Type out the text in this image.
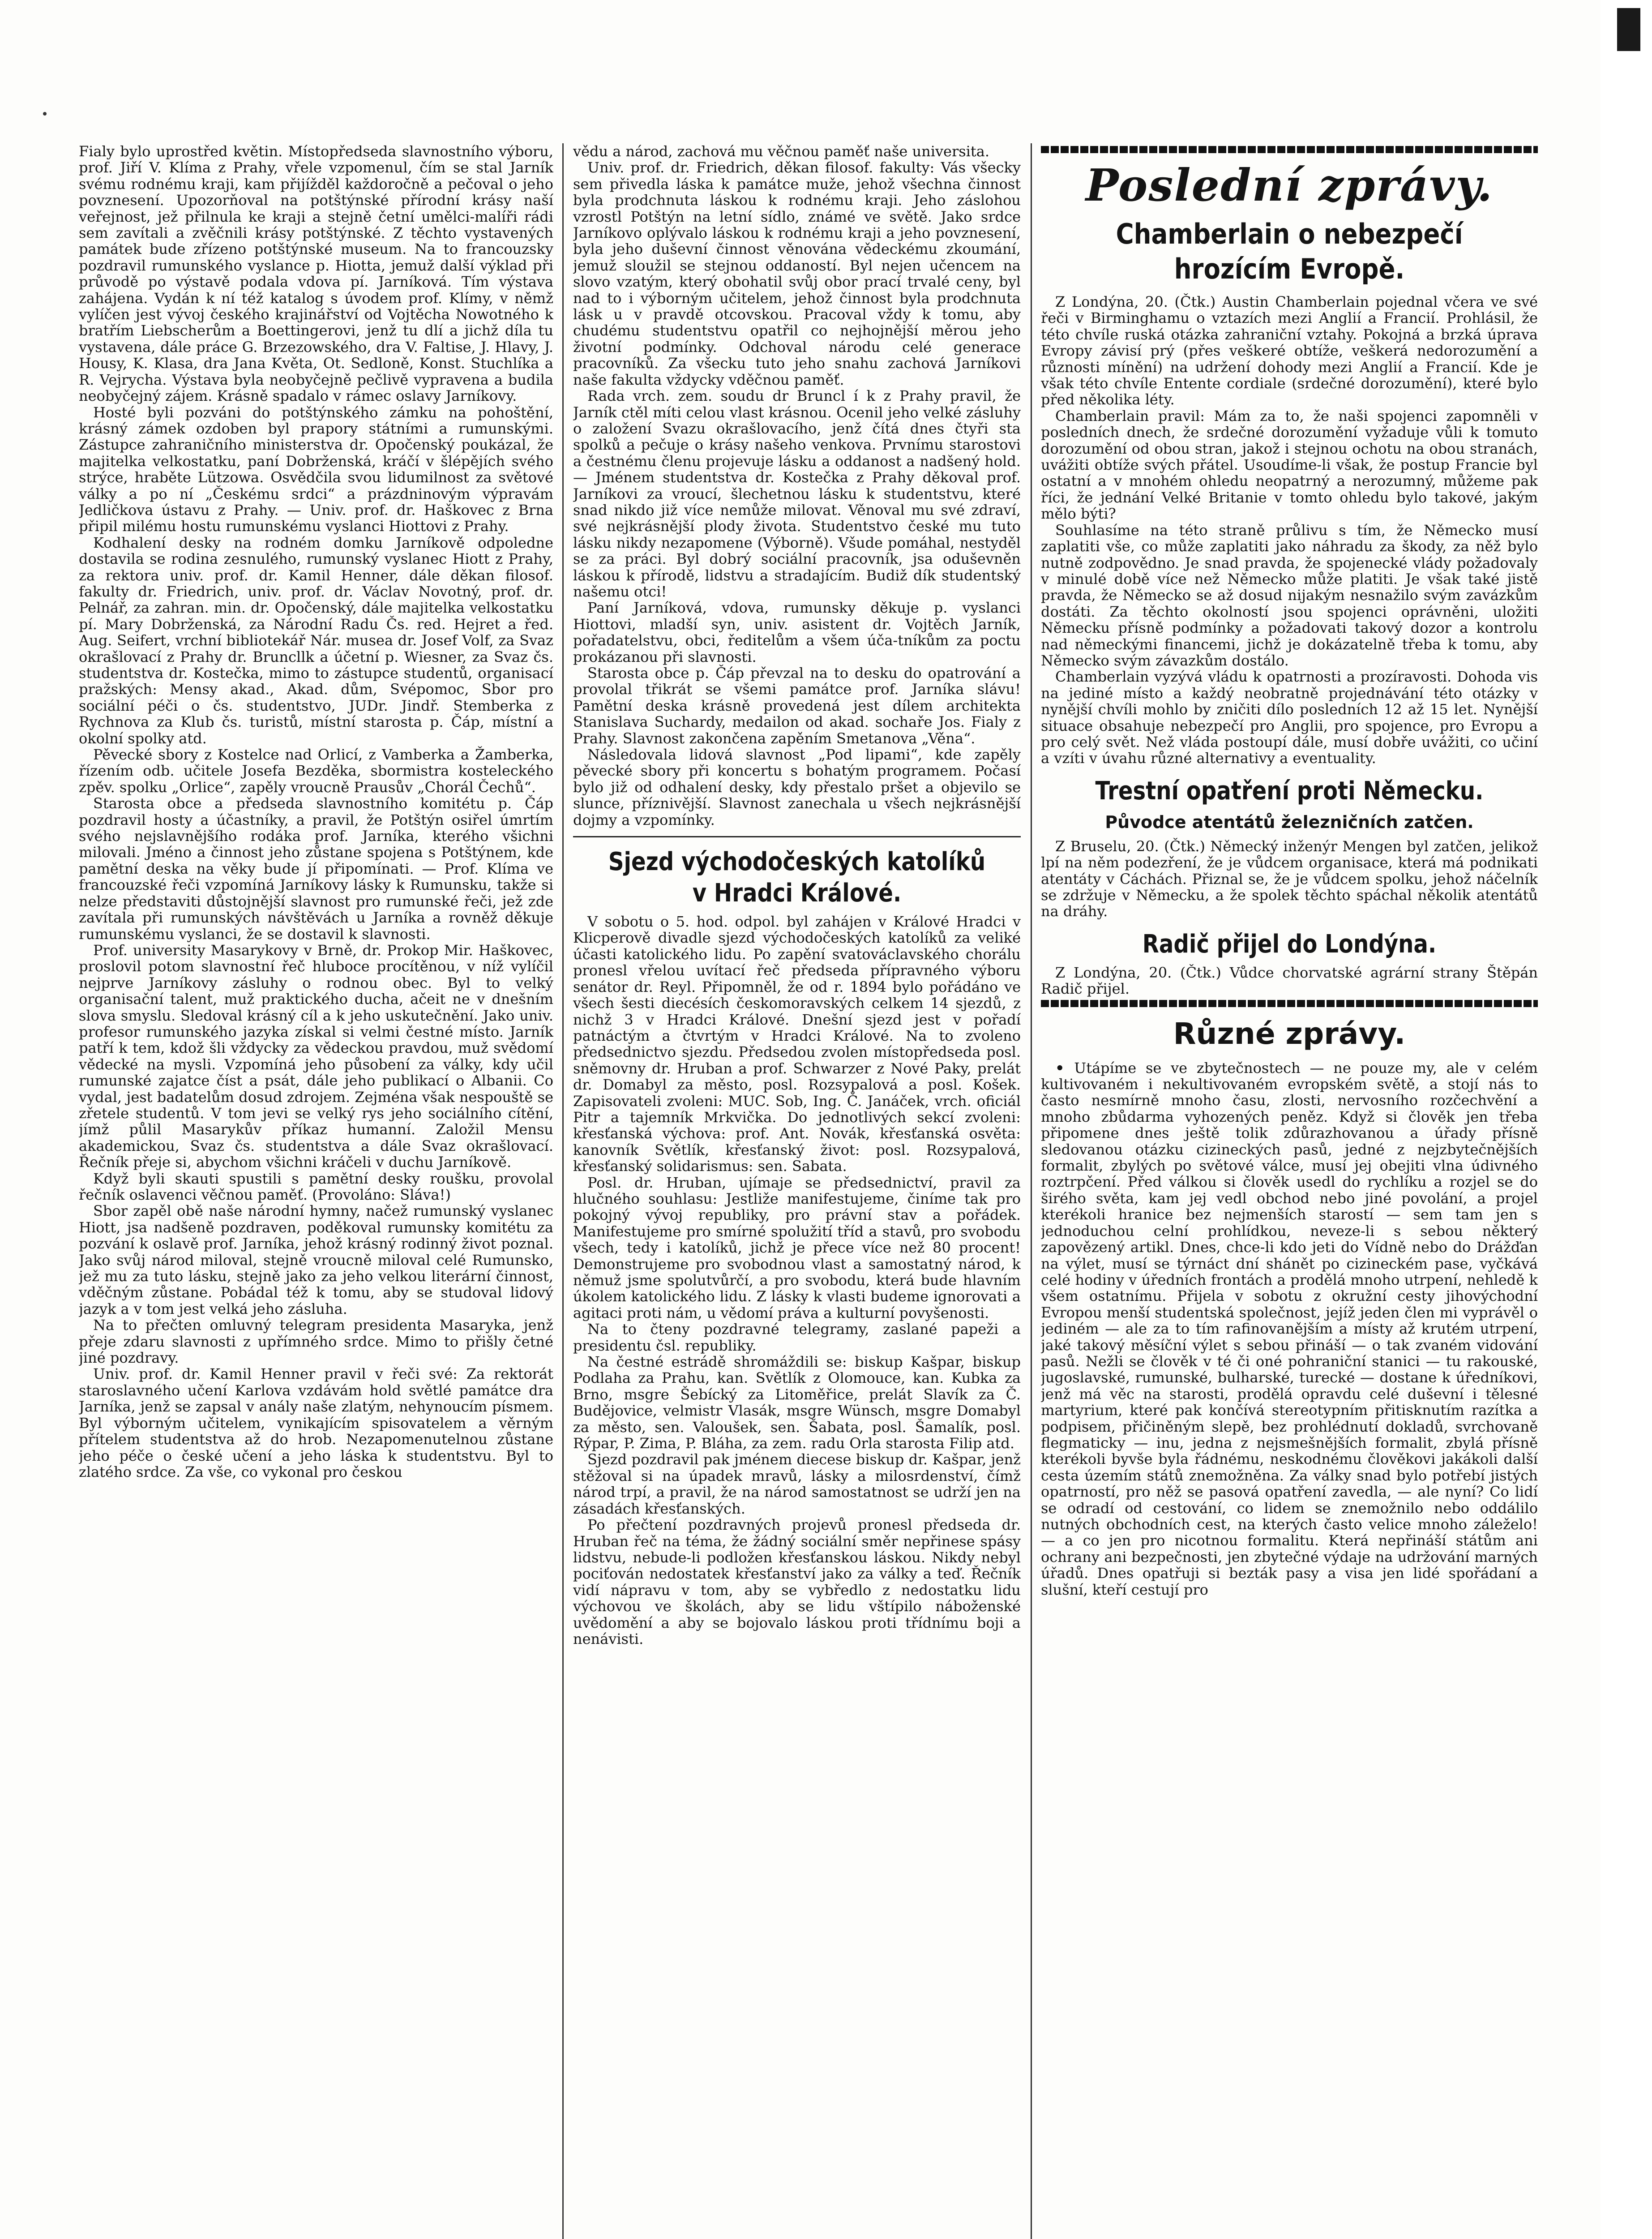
Fialy bylo uprostřed květin. Místopředseda slavnostního výboru, prof. Jiří V. Klíma z Prahy, vřele vzpomenul, čím se stal Jarník svému rodnému kraji, kam přijížděl každoročně a pečoval o jeho povznesení. Upozorňoval na potštýnské přírodní krásy naší veřejnost, jež přilnula ke kraji a stejně četní umělci-malíři rádi sem zavítali a zvěčnili krásy potštýnské. Z těchto vystavených památek bude zřízeno potštýnské museum. Na to francouzsky pozdravil rumunského vyslance p. Hiotta, jemuž další výklad při průvodě po výstavě podala vdova pí. Jarníková. Tím výstava zahájena. Vydán k ní též katalog s úvodem prof. Klímy, v němž vylíčen jest vývoj českého krajinářství od Vojtěcha Nowotného k bratřím Liebscherům a Boettingerovi, jenž tu dlí a jichž díla tu vystavena, dále práce G. Brzezowského, dra V. Faltise, J. Hlavy, J. Housy, K. Klasa, dra Jana Květa, Ot. Sedloně, Konst. Stuchlíka a R. Vejrycha. Výstava byla neobyčejně pečlivě vypravena a budila neobyčejný zájem. Krásně spadalo v rámec oslavy Jarníkovy.

Hosté byli pozváni do potštýnského zámku na pohoštění, krásný zámek ozdoben byl prapory státními a rumunskými. Zástupce zahraničního ministerstva dr. Opočenský poukázal, že majitelka velkostatku, paní Dobrženská, kráčí v šlépějích svého strýce, hraběte Lützowa. Osvědčila svou lidumilnost za světové války a po ní „Českému srdci“ a prázdninovým výpravám Jedličkova ústavu z Prahy. — Univ. prof. dr. Haškovec z Brna připil milému hostu rumunskému vyslanci Hiottovi z Prahy.

Kodhalení desky na rodném domku Jarníkově odpoledne dostavila se rodina zesnulého, rumunský vyslanec Hiott z Prahy, za rektora univ. prof. dr. Kamil Henner, dále děkan filosof. fakulty dr. Friedrich, univ. prof. dr. Václav Novotný, prof. dr. Pelnář, za zahran. min. dr. Opočenský, dále majitelka velkostatku pí. Mary Dobrženská, za Národní Radu Čs. red. Hejret a řed. Aug. Seifert, vrchní bibliotekář Nár. musea dr. Josef Volf, za Svaz okrašlovací z Prahy dr. Bruncllk a účetní p. Wiesner, za Svaz čs. studentstva dr. Kostečka, mimo to zástupce studentů, organisací pražských: Mensy akad., Akad. dům, Svépomoc, Sbor pro sociální péči o čs. studentstvo, JUDr. Jindř. Stemberka z Rychnova za Klub čs. turistů, místní starosta p. Čáp, místní a okolní spolky atd.

Pěvecké sbory z Kostelce nad Orlicí, z Vamberka a Žamberka, řízením odb. učitele Josefa Bezděka, sbormistra kosteleckého zpěv. spolku „Orlice“, zapěly vroucně Prausův „Chorál Čechů“.

Starosta obce a předseda slavnostního komitétu p. Čáp pozdravil hosty a účastníky, a pravil, že Potštýn osiřel úmrtím svého nejslavnějšího rodáka prof. Jarníka, kterého všichni milovali. Jméno a činnost jeho zůstane spojena s Potštýnem, kde pamětní deska na věky bude jí připomínati. — Prof. Klíma ve francouzské řeči vzpomíná Jarníkovy lásky k Rumunsku, takže si nelze představiti důstojnější slavnost pro rumunské řeči, jež zde zavítala při rumunských návštěvách u Jarníka a rovněž děkuje rumunskému vyslanci, že se dostavil k slavnosti.

Prof. university Masarykovy v Brně, dr. Prokop Mir. Haškovec, proslovil potom slavnostní řeč hluboce procítěnou, v níž vylíčil nejprve Jarníkovy zásluhy o rodnou obec. Byl to velký organisační talent, muž praktického ducha, ačeit ne v dnešním slova smyslu. Sledoval krásný cíl a k jeho uskutečnění. Jako univ. profesor rumunského jazyka získal si velmi čestné místo. Jarník patří k tem, kdož šli vždycky za vědeckou pravdou, muž svědomí vědecké na mysli. Vzpomíná jeho působení za války, kdy učil rumunské zajatce číst a psát, dále jeho publikací o Albanii. Co vydal, jest badatelům dosud zdrojem. Zejména však nespouště se zřetele studentů. V tom jevi se velký rys jeho sociálního cítění, jímž půlil Masarykův příkaz humanní. Založil Mensu akademickou, Svaz čs. studentstva a dále Svaz okrašlovací. Řečník přeje si, abychom všichni kráčeli v duchu Jarníkově.

Když byli skauti spustili s pamětní desky roušku, provolal řečník oslavenci věčnou paměť. (Provoláno: Sláva!)

Sbor zapěl obě naše národní hymny, načež rumunský vyslanec Hiott, jsa nadšeně pozdraven, poděkoval rumunsky komitétu za pozvání k oslavě prof. Jarníka, jehož krásný rodinný život poznal. Jako svůj národ miloval, stejně vroucně miloval celé Rumunsko, jež mu za tuto lásku, stejně jako za jeho velkou literární činnost, vděčným zůstane. Pobádal též k tomu, aby se studoval lidový jazyk a v tom jest velká jeho zásluha.

Na to přečten omluvný telegram presidenta Masaryka, jenž přeje zdaru slavnosti z upřímného srdce. Mimo to přišly četné jiné pozdravy.

Univ. prof. dr. Kamil Henner pravil v řeči své: Za rektorát staroslavného učení Karlova vzdávám hold světlé památce dra Jarníka, jenž se zapsal v anály naše zlatým, nehynoucím písmem. Byl výborným učitelem, vynikajícím spisovatelem a věrným přítelem studentstva až do hrob. Nezapomenutelnou zůstane jeho péče o české učení a jeho láska k studentstvu. Byl to zlatého srdce. Za vše, co vykonal pro českou

vědu a národ, zachová mu věčnou paměť naše universita.

Univ. prof. dr. Friedrich, děkan filosof. fakulty: Vás všecky sem přivedla láska k památce muže, jehož všechna činnost byla prodchnuta láskou k rodnému kraji. Jeho záslohou vzrostl Potštýn na letní sídlo, známé ve světě. Jako srdce Jarníkovo oplývalo láskou k rodnému kraji a jeho povznesení, byla jeho duševní činnost věnována vědeckému zkoumání, jemuž sloužil se stejnou oddaností. Byl nejen učencem na slovo vzatým, který obohatil svůj obor prací trvalé ceny, byl nad to i výborným učitelem, jehož činnost byla prodchnuta lásk u v pravdě otcovskou. Pracoval vždy k tomu, aby chudému studentstvu opatřil co nejhojnější měrou jeho životní podmínky. Odchoval národu celé generace pracovníků. Za všecku tuto jeho snahu zachová Jarníkovi naše fakulta vždycky vděčnou paměť.

Rada vrch. zem. soudu dr Bruncl í k z Prahy pravil, že Jarník ctěl míti celou vlast krásnou. Ocenil jeho velké zásluhy o založení Svazu okrašlovacího, jenž čítá dnes čtyři sta spolků a pečuje o krásy našeho venkova. Prvnímu starostovi a čestnému členu projevuje lásku a oddanost a nadšený hold. — Jménem studentstva dr. Kostečka z Prahy děkoval prof. Jarníkovi za vroucí, šlechetnou lásku k studentstvu, které snad nikdo již více nemůže milovat. Věnoval mu své zdraví, své nejkrásnější plody života. Studentstvo české mu tuto lásku nikdy nezapomene (Výborně). Všude pomáhal, nestyděl se za práci. Byl dobrý sociální pracovník, jsa oduševněn láskou k přírodě, lidstvu a stradajícím. Budiž dík studentský našemu otci!

Paní Jarníková, vdova, rumunsky děkuje p. vyslanci Hiottovi, mladší syn, univ. asistent dr. Vojtěch Jarník, pořadatelstvu, obci, ředitelům a všem úča-tníkům za poctu prokázanou při slavnosti.

Starosta obce p. Čáp převzal na to desku do opatrování a provolal třikrát se všemi památce prof. Jarníka slávu! Pamětní deska krásně provedená jest dílem architekta Stanislava Suchardy, medailon od akad. sochaře Jos. Fialy z Prahy. Slavnost zakončena zapěním Smetanova „Věna“.

Následovala lidová slavnost „Pod lipami“, kde zapěly pěvecké sbory při koncertu s bohatým programem. Počasí bylo již od odhalení desky, kdy přestalo pršet a objevilo se slunce, příznivější. Slavnost zanechala u všech nejkrásnější dojmy a vzpomínky.

Sjezd východočeských katolíků v Hradci Králové.

V sobotu o 5. hod. odpol. byl zahájen v Králové Hradci v Klicperově divadle sjezd východočeských katolíků za veliké účasti katolického lidu. Po zapění svatováclavského chorálu pronesl vřelou uvítací řeč předseda přípravného výboru senátor dr. Reyl. Připomněl, že od r. 1894 bylo pořádáno ve všech šesti diecésích českomoravských celkem 14 sjezdů, z nichž 3 v Hradci Králové. Dnešní sjezd jest v pořadí patnáctým a čtvrtým v Hradci Králové. Na to zvoleno předsednictvo sjezdu. Předsedou zvolen místopředseda posl. sněmovny dr. Hruban a prof. Schwarzer z Nové Paky, prelát dr. Domabyl za město, posl. Rozsypalová a posl. Košek. Zapisovateli zvoleni: MUC. Sob, Ing. Č. Janáček, vrch. oficiál Pitr a tajemník Mrkvička. Do jednotlivých sekcí zvoleni: křesťanská výchova: prof. Ant. Novák, křesťanská osvěta: kanovník Světlík, křesťanský život: posl. Rozsypalová, křesťanský solidarismus: sen. Sabata.

Posl. dr. Hruban, ujímaje se předsednictví, pravil za hlučného souhlasu: Jestliže manifestujeme, činíme tak pro pokojný vývoj republiky, pro právní stav a pořádek. Manifestujeme pro smírné spolužití tříd a stavů, pro svobodu všech, tedy i katolíků, jichž je přece více než 80 procent! Demonstrujeme pro svobodnou vlast a samostatný národ, k němuž jsme spolutvůrčí, a pro svobodu, která bude hlavním úkolem katolického lidu. Z lásky k vlasti budeme ignorovati a agitaci proti nám, u vědomí práva a kulturní povyšenosti.

Na to čteny pozdravné telegramy, zaslané papeži a presidentu čsl. republiky.

Na čestné estrádě shromáždili se: biskup Kašpar, biskup Podlaha za Prahu, kan. Světlík z Olomouce, kan. Kubka za Brno, msgre Šebícký za Litoměřice, prelát Slavík za Č. Budějovice, velmistr Vlasák, msgre Wünsch, msgre Domabyl za město, sen. Valoušek, sen. Šabata, posl. Šamalík, posl. Rýpar, P. Zima, P. Bláha, za zem. radu Orla starosta Filip atd.

Sjezd pozdravil pak jménem diecese biskup dr. Kašpar, jenž stěžoval si na úpadek mravů, lásky a milosrdenství, čímž národ trpí, a pravil, že na národ samostatnost se udrží jen na zásadách křesťanských.

Po přečtení pozdravných projevů pronesl předseda dr. Hruban řeč na téma, že žádný sociální směr nepřinese spásy lidstvu, nebude-li podložen křesťanskou láskou. Nikdy nebyl pociťován nedostatek křesťanství jako za války a teď. Řečník vidí nápravu v tom, aby se vybředlo z nedostatku lidu výchovou ve školách, aby se lidu vštípilo náboženské uvědomění a aby se bojovalo láskou proti třídnímu boji a nenávisti.

Poslední zprávy.
Chamberlain o nebezpečí hrozícím Evropě.

Z Londýna, 20. (Čtk.) Austin Chamberlain pojednal včera ve své řeči v Birminghamu o vztazích mezi Anglií a Francií. Prohlásil, že této chvíle ruská otázka zahraniční vztahy. Pokojná a brzká úprava Evropy závisí prý (přes veškeré obtíže, veškerá nedorozumění a různosti mínění) na udržení dohody mezi Anglií a Francií. Kde je však této chvíle Entente cordiale (srdečné dorozumění), které bylo před několika léty.

Chamberlain pravil: Mám za to, že naši spojenci zapomněli v posledních dnech, že srdečné dorozumění vyžaduje vůli k tomuto dorozumění od obou stran, jakož i stejnou ochotu na obou stranách, uvážiti obtíže svých přátel. Usoudíme-li však, že postup Francie byl ostatní a v mnohém ohledu neopatrný a nerozumný, můžeme pak říci, že jednání Velké Britanie v tomto ohledu bylo takové, jakým mělo býti?

Souhlasíme na této straně průlivu s tím, že Německo musí zaplatiti vše, co může zaplatiti jako náhradu za škody, za něž bylo nutně zodpovědno. Je snad pravda, že spojenecké vlády požadovaly v minulé době více než Německo může platiti. Je však také jistě pravda, že Německo se až dosud nijakým nesnažilo svým zavázkům dostáti. Za těchto okolností jsou spojenci oprávněni, uložiti Německu přísně podmínky a požadovati takový dozor a kontrolu nad německými financemi, jichž je dokázatelně třeba k tomu, aby Německo svým závazkům dostálo.

Chamberlain vyzývá vládu k opatrnosti a prozíravosti. Dohoda vis na jediné místo a každý neobratně projednávání této otázky v nynější chvíli mohlo by zničiti dílo posledních 12 až 15 let. Nynější situace obsahuje nebezpečí pro Anglii, pro spojence, pro Evropu a pro celý svět. Než vláda postoupí dále, musí dobře uvážiti, co učiní a vzíti v úvahu různé alternativy a eventuality.

Trestní opatření proti Německu.
Původce atentátů železničních zatčen.

Z Bruselu, 20. (Čtk.) Německý inženýr Mengen byl zatčen, jelikož lpí na něm podezření, že je vůdcem organisace, která má podnikati atentáty v Cáchách. Přiznal se, že je vůdcem spolku, jehož náčelník se zdržuje v Německu, a že spolek těchto spáchal několik atentátů na dráhy.

Radič přijel do Londýna.

Z Londýna, 20. (Čtk.) Vůdce chorvatské agrární strany Štěpán Radič přijel.

Různé zprávy.

• Utápíme se ve zbytečnostech — ne pouze my, ale v celém kultivovaném i nekultivovaném evropském světě, a stojí nás to často nesmírně mnoho času, zlosti, nervosního rozčechvění a mnoho zbůdarma vyhozených peněz. Když si člověk jen třeba připomene dnes ještě tolik zdůrazhovanou a úřady přísně sledovanou otázku cizineckých pasů, jedné z nejzbytečnějších formalit, zbylých po světové válce, musí jej obejiti vlna údivného roztrpčení. Před válkou si člověk usedl do rychlíku a rozjel se do širého světa, kam jej vedl obchod nebo jiné povolání, a projel kterékoli hranice bez nejmenších starostí — sem tam jen s jednoduchou celní prohlídkou, neveze-li s sebou některý zapovězený artikl. Dnes, chce-li kdo jeti do Vídně nebo do Drážďan na výlet, musí se týrnáct dní shánět po cizineckém pase, vyčkává celé hodiny v úředních frontách a prodělá mnoho utrpení, nehledě k všem ostatnímu. Přijela v sobotu z okružní cesty jihovýchodní Evropou menší studentská společnost, jejíž jeden člen mi vyprávěl o jediném — ale za to tím rafinovanějším a místy až krutém utrpení, jaké takový měsíční výlet s sebou přináší — o tak zvaném vidování pasů. Nežli se člověk v té či oné pohraniční stanici — tu rakouské, jugoslavské, rumunské, bulharské, turecké — dostane k úředníkovi, jenž má věc na starosti, prodělá opravdu celé duševní i tělesné martyrium, které pak končívá stereotypním přitisknutím razítka a podpisem, přičiněným slepě, bez prohlédnutí dokladů, svrchovaně flegmaticky — inu, jedna z nejsmešnějších formalit, zbylá přísně kterékoli byvše byla řádnému, neskodnému člověkovi jakákoli další cesta územím států znemožněna. Za války snad bylo potřebí jistých opatrností, pro něž se pasová opatření zavedla, — ale nyní? Co lidí se odradí od cestování, co lidem se znemožnilo nebo oddálilo nutných obchodních cest, na kterých často velice mnoho záleželo! — a co jen pro nicotnou formalitu. Která nepřináší státům ani ochrany ani bezpečnosti, jen zbytečné výdaje na udržování marných úřadů. Dnes opatřuji si bezták pasy a visa jen lidé spořádaní a slušní, kteří cestují pro
